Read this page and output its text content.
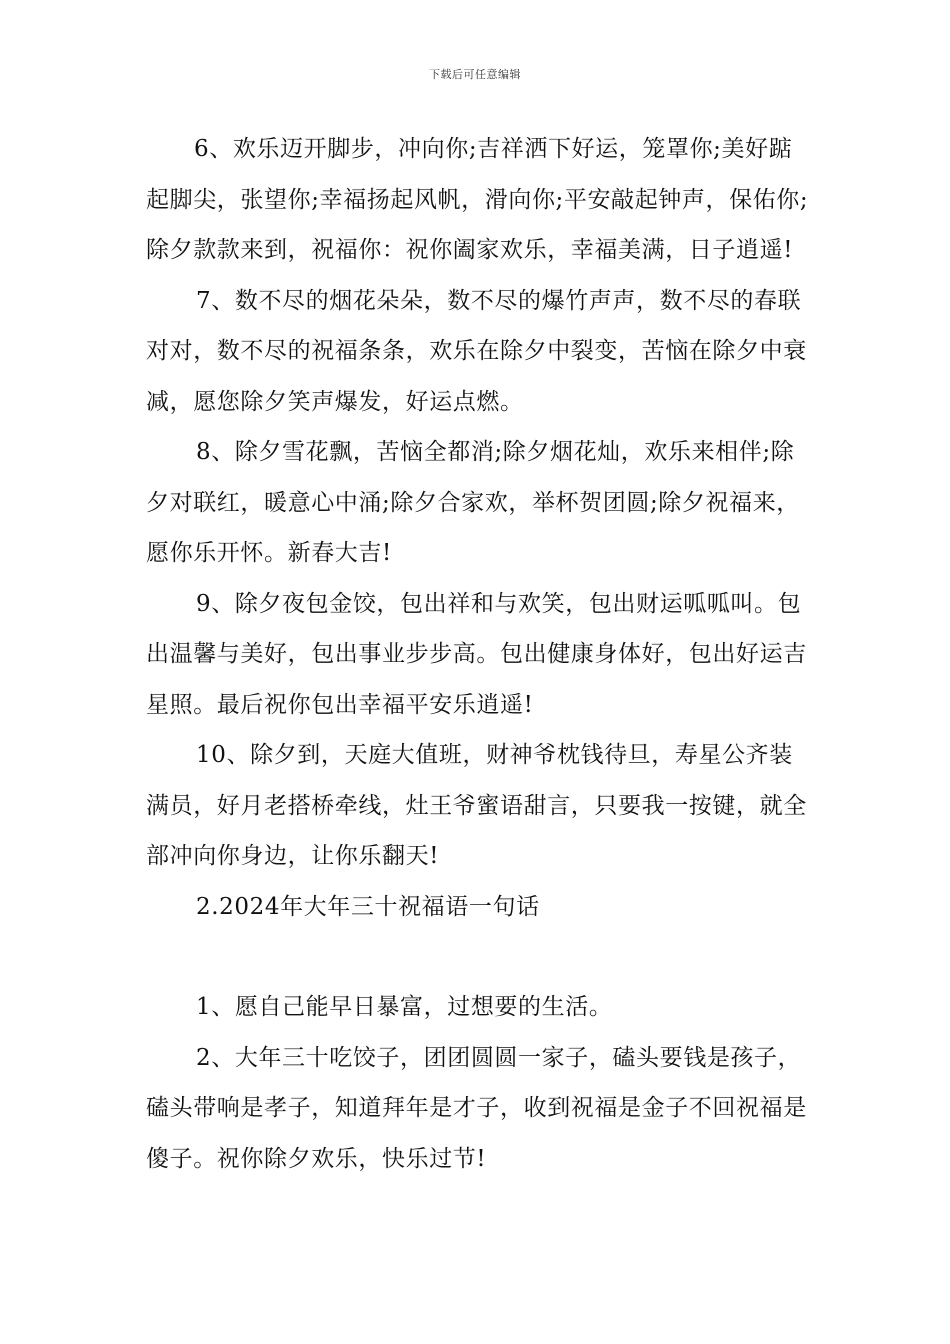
下载后可任意编辑

6、欢乐迈开脚步，冲向你;吉祥洒下好运，笼罩你;美好踮起脚尖，张望你;幸福扬起风帆，滑向你;平安敲起钟声，保佑你;除夕款款来到，祝福你：祝你阖家欢乐，幸福美满，日子逍遥!

7、数不尽的烟花朵朵，数不尽的爆竹声声，数不尽的春联对对，数不尽的祝福条条，欢乐在除夕中裂变，苦恼在除夕中衰减，愿您除夕笑声爆发，好运点燃。

8、除夕雪花飘，苦恼全都消;除夕烟花灿，欢乐来相伴;除夕对联红，暖意心中涌;除夕合家欢，举杯贺团圆;除夕祝福来，愿你乐开怀。新春大吉!

9、除夕夜包金饺，包出祥和与欢笑，包出财运呱呱叫。包出温馨与美好，包出事业步步高。包出健康身体好，包出好运吉星照。最后祝你包出幸福平安乐逍遥!

10、除夕到，天庭大值班，财神爷枕钱待旦，寿星公齐装满员，好月老搭桥牵线，灶王爷蜜语甜言，只要我一按键，就全部冲向你身边，让你乐翻天!

2.2024年大年三十祝福语一句话

1、愿自己能早日暴富，过想要的生活。

2、大年三十吃饺子，团团圆圆一家子，磕头要钱是孩子，磕头带响是孝子，知道拜年是才子，收到祝福是金子不回祝福是傻子。祝你除夕欢乐，快乐过节!
